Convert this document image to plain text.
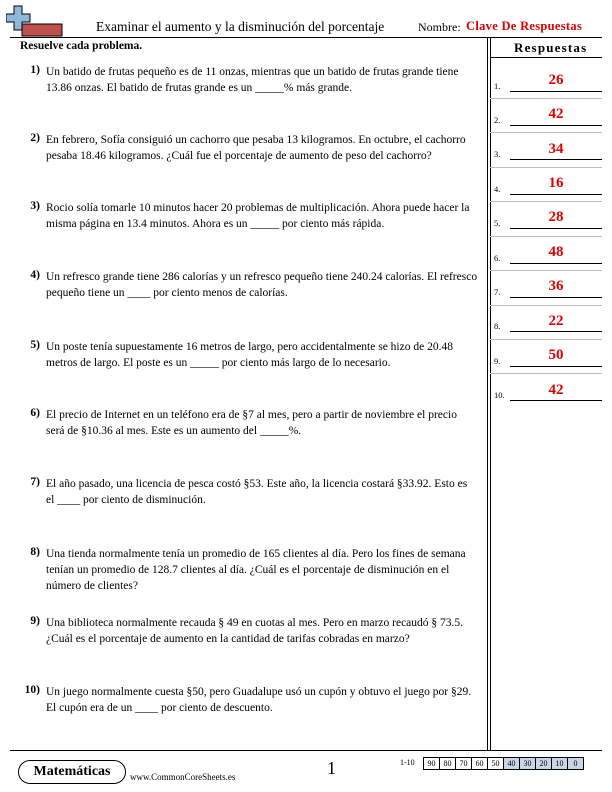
Examinar el aumento y la disminución del porcentaje	Nombre: Clave De Respuestas
Resuelve cada problema.	Respuestas
1) Un batido de frutas pequeño es de 11 onzas, mientras que un batido de frutas grande tiene 13.86 onzas. El batido de frutas grande es un _____% más grande.
2) En febrero, Sofía consiguió un cachorro que pesaba 13 kilogramos. En octubre, el cachorro pesaba 18.46 kilogramos. ¿Cuál fue el porcentaje de aumento de peso del cachorro?
3) Rocio solía tomarle 10 minutos hacer 20 problemas de multiplicación. Ahora puede hacer la misma página en 13.4 minutos. Ahora es un _____ por ciento más rápida.
4) Un refresco grande tiene 286 calorías y un refresco pequeño tiene 240.24 calorías. El refresco pequeño tiene un ____ por ciento menos de calorías.
5) Un poste tenía supuestamente 16 metros de largo, pero accidentalmente se hizo de 20.48 metros de largo. El poste es un _____ por ciento más largo de lo necesario.
6) El precio de Internet en un teléfono era de §7 al mes, pero a partir de noviembre el precio será de §10.36 al mes. Este es un aumento del _____%.
7) El año pasado, una licencia de pesca costó §53. Este año, la licencia costará §33.92. Esto es el ____ por ciento de disminución.
8) Una tienda normalmente tenía un promedio de 165 clientes al día. Pero los fines de semana tenían un promedio de 128.7 clientes al día. ¿Cuál es el porcentaje de disminución en el número de clientes?
9) Una biblioteca normalmente recauda § 49 en cuotas al mes. Pero en marzo recaudó § 73.5. ¿Cuál es el porcentaje de aumento en la cantidad de tarifas cobradas en marzo?
10) Un juego normalmente cuesta §50, pero Guadalupe usó un cupón y obtuvo el juego por §29. El cupón era de un ____ por ciento de descuento.
1.	26
2.	42
3.	34
4.	16
5.	28
6.	48
7.	36
8.	22
9.	50
10.	42
Matemáticas	www.CommonCoreSheets.es	1	1-10	90	80	70	60	50	40	30	20	10	0
